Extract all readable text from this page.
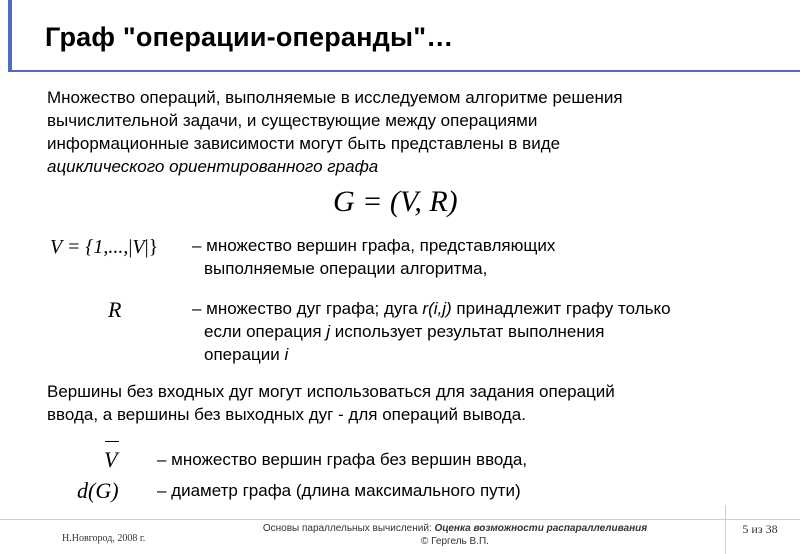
Граф "операции-операнды"…
Множество операций, выполняемые в исследуемом алгоритме решения
вычислительной задачи, и существующие между операциями
информационные зависимости могут быть представлены в виде
ациклического ориентированного графа
G = (V, R)
V = {1,...,|V|} – множество вершин графа, представляющих
выполняемые операции алгоритма,
R	– множество дуг графа; дуга r(i,j) принадлежит графу только
если операция j использует результат выполнения
операции i
Вершины без входных дуг могут использоваться для задания операций
ввода, а вершины без выходных дуг - для операций вывода.
V – множество вершин графа без вершин ввода,
d(G) – диаметр графа (длина максимального пути)
Н.Новгород, 2008 г.
Основы параллельных вычислений: Оценка возможности распараллеливания
© Гергель В.П.
5 из 38
